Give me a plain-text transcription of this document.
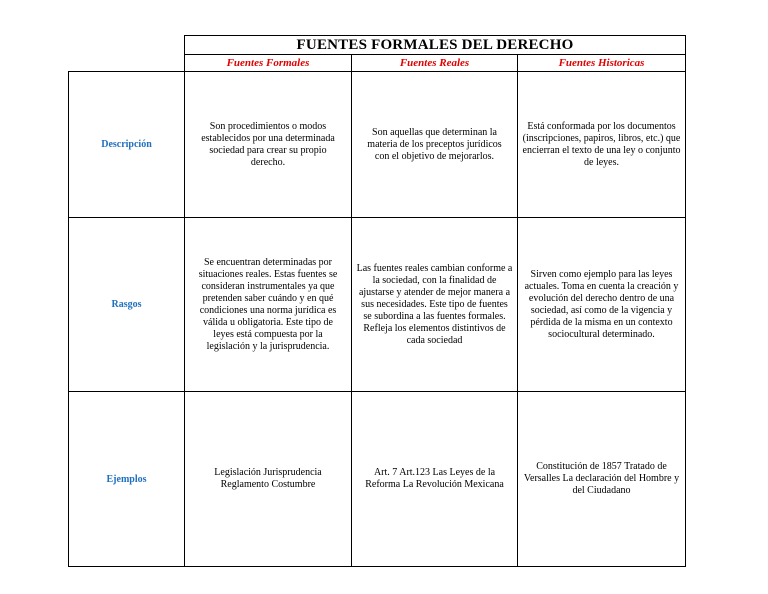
FUENTES FORMALES DEL DERECHO
Fuentes Formales	Fuentes Reales	Fuentes Historicas
Descripción
Son procedimientos o modos establecidos por una determinada sociedad para crear su propio derecho.
Son aquellas que determinan la materia de los preceptos jurídicos con el objetivo de mejorarlos.
Está conformada por los documentos (inscripciones, papiros, libros, etc.) que encierran el texto de una ley o conjunto de leyes.
Rasgos
Se encuentran determinadas por situaciones reales. Estas fuentes se consideran instrumentales ya que pretenden saber cuándo y en qué condiciones una norma jurídica es válida u obligatoria. Este tipo de leyes está compuesta por la legislación y la jurisprudencia.
Las fuentes reales cambian conforme a la sociedad, con la finalidad de ajustarse y atender de mejor manera a sus necesidades. Este tipo de fuentes se subordina a las fuentes formales. Refleja los elementos distintivos de cada sociedad
Sirven como ejemplo para las leyes actuales. Toma en cuenta la creación y evolución del derecho dentro de una sociedad, así como de la vigencia y pérdida de la misma en un contexto sociocultural determinado.
Ejemplos
Legislación Jurisprudencia Reglamento Costumbre
Art. 7 Art.123 Las Leyes de la Reforma La Revolución Mexicana
Constitución de 1857 Tratado de Versalles La declaración del Hombre y del Ciudadano
